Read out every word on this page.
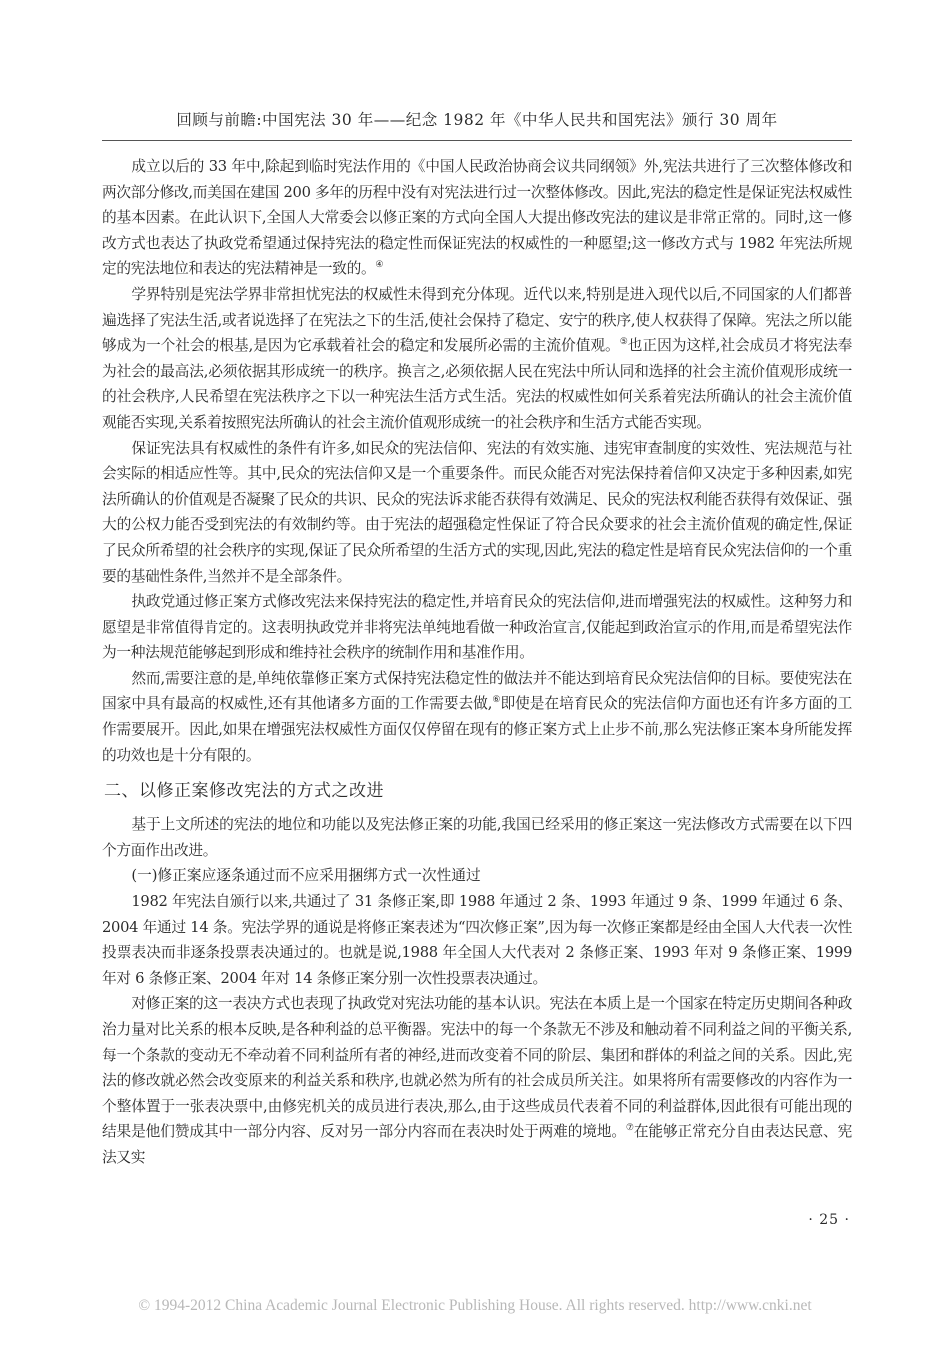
回顾与前瞻:中国宪法 30 年——纪念 1982 年《中华人民共和国宪法》颁行 30 周年

成立以后的 33 年中,除起到临时宪法作用的《中国人民政治协商会议共同纲领》外,宪法共进行了三次整体修改和两次部分修改,而美国在建国 200 多年的历程中没有对宪法进行过一次整体修改。因此,宪法的稳定性是保证宪法权威性的基本因素。在此认识下,全国人大常委会以修正案的方式向全国人大提出修改宪法的建议是非常正常的。同时,这一修改方式也表达了执政党希望通过保持宪法的稳定性而保证宪法的权威性的一种愿望;这一修改方式与 1982 年宪法所规定的宪法地位和表达的宪法精神是一致的。④

学界特别是宪法学界非常担忧宪法的权威性未得到充分体现。近代以来,特别是进入现代以后,不同国家的人们都普遍选择了宪法生活,或者说选择了在宪法之下的生活,使社会保持了稳定、安宁的秩序,使人权获得了保障。宪法之所以能够成为一个社会的根基,是因为它承载着社会的稳定和发展所必需的主流价值观。⑤也正因为这样,社会成员才将宪法奉为社会的最高法,必须依据其形成统一的秩序。换言之,必须依据人民在宪法中所认同和选择的社会主流价值观形成统一的社会秩序,人民希望在宪法秩序之下以一种宪法生活方式生活。宪法的权威性如何关系着宪法所确认的社会主流价值观能否实现,关系着按照宪法所确认的社会主流价值观形成统一的社会秩序和生活方式能否实现。

保证宪法具有权威性的条件有许多,如民众的宪法信仰、宪法的有效实施、违宪审查制度的实效性、宪法规范与社会实际的相适应性等。其中,民众的宪法信仰又是一个重要条件。而民众能否对宪法保持着信仰又决定于多种因素,如宪法所确认的价值观是否凝聚了民众的共识、民众的宪法诉求能否获得有效满足、民众的宪法权利能否获得有效保证、强大的公权力能否受到宪法的有效制约等。由于宪法的超强稳定性保证了符合民众要求的社会主流价值观的确定性,保证了民众所希望的社会秩序的实现,保证了民众所希望的生活方式的实现,因此,宪法的稳定性是培育民众宪法信仰的一个重要的基础性条件,当然并不是全部条件。

执政党通过修正案方式修改宪法来保持宪法的稳定性,并培育民众的宪法信仰,进而增强宪法的权威性。这种努力和愿望是非常值得肯定的。这表明执政党并非将宪法单纯地看做一种政治宣言,仅能起到政治宣示的作用,而是希望宪法作为一种法规范能够起到形成和维持社会秩序的统制作用和基准作用。

然而,需要注意的是,单纯依靠修正案方式保持宪法稳定性的做法并不能达到培育民众宪法信仰的目标。要使宪法在国家中具有最高的权威性,还有其他诸多方面的工作需要去做,⑥即使是在培育民众的宪法信仰方面也还有许多方面的工作需要展开。因此,如果在增强宪法权威性方面仅仅停留在现有的修正案方式上止步不前,那么宪法修正案本身所能发挥的功效也是十分有限的。

二、以修正案修改宪法的方式之改进

基于上文所述的宪法的地位和功能以及宪法修正案的功能,我国已经采用的修正案这一宪法修改方式需要在以下四个方面作出改进。

(一)修正案应逐条通过而不应采用捆绑方式一次性通过

1982 年宪法自颁行以来,共通过了 31 条修正案,即 1988 年通过 2 条、1993 年通过 9 条、1999 年通过 6 条、2004 年通过 14 条。宪法学界的通说是将修正案表述为“四次修正案”,因为每一次修正案都是经由全国人大代表一次性投票表决而非逐条投票表决通过的。也就是说,1988 年全国人大代表对 2 条修正案、1993 年对 9 条修正案、1999 年对 6 条修正案、2004 年对 14 条修正案分别一次性投票表决通过。

对修正案的这一表决方式也表现了执政党对宪法功能的基本认识。宪法在本质上是一个国家在特定历史期间各种政治力量对比关系的根本反映,是各种利益的总平衡器。宪法中的每一个条款无不涉及和触动着不同利益之间的平衡关系,每一个条款的变动无不牵动着不同利益所有者的神经,进而改变着不同的阶层、集团和群体的利益之间的关系。因此,宪法的修改就必然会改变原来的利益关系和秩序,也就必然为所有的社会成员所关注。如果将所有需要修改的内容作为一个整体置于一张表决票中,由修宪机关的成员进行表决,那么,由于这些成员代表着不同的利益群体,因此很有可能出现的结果是他们赞成其中一部分内容、反对另一部分内容而在表决时处于两难的境地。⑦在能够正常充分自由表达民意、宪法又实

· 25 ·
© 1994-2012 China Academic Journal Electronic Publishing House. All rights reserved. http://www.cnki.net
